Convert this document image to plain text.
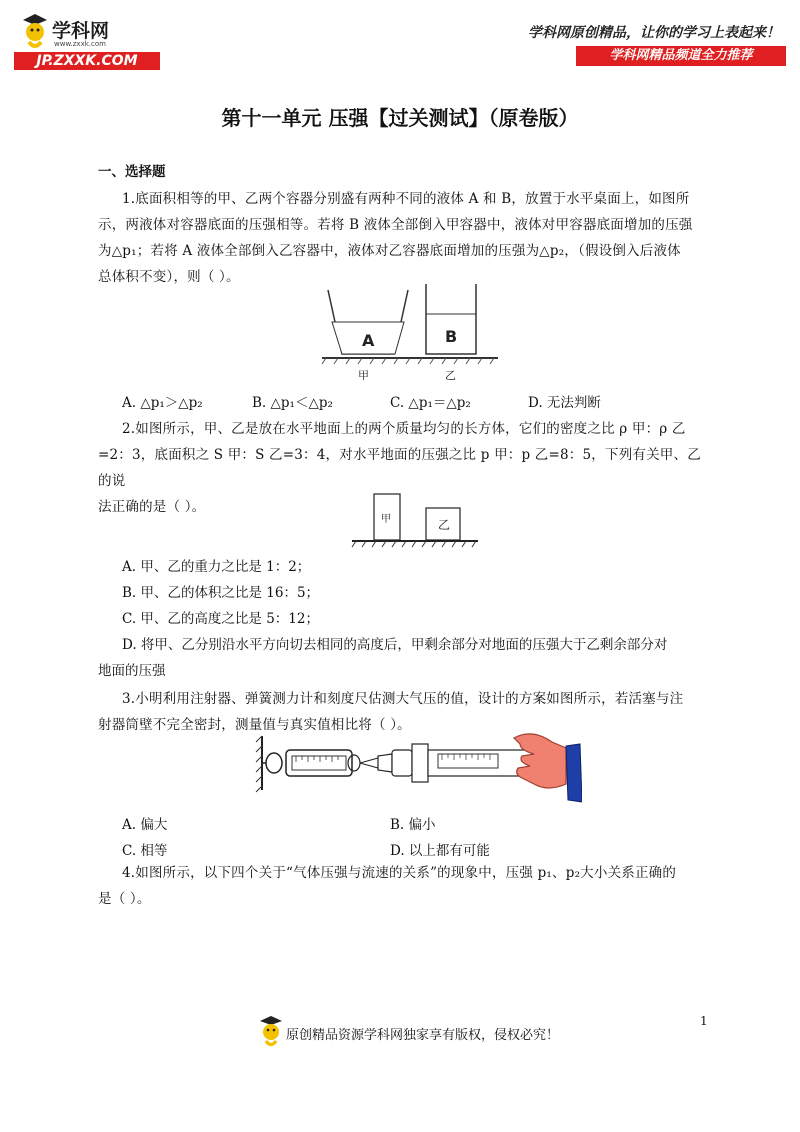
学科网
www.zxxk.com
JP.ZXXK.COM
学科网原创精品，让你的学习上表起来！
学科网精品频道全力推荐
第十一单元 压强【过关测试】（原卷版）
一、选择题
1.底面积相等的甲、乙两个容器分别盛有两种不同的液体 A 和 B，放置于水平桌面上，如图所
示，两液体对容器底面的压强相等。若将 B 液体全部倒入甲容器中，液体对甲容器底面增加的压强
为△p₁；若将 A 液体全部倒入乙容器中，液体对乙容器底面增加的压强为△p₂，（假设倒入后液体
总体积不变），则（ ）。
A	B
甲	乙
A. △p₁＞△p₂	B. △p₁＜△p₂	C. △p₁＝△p₂	D. 无法判断
2.如图所示，甲、乙是放在水平地面上的两个质量均匀的长方体，它们的密度之比 ρ 甲：ρ 乙
=2：3，底面积之 S 甲：S 乙=3：4，对水平地面的压强之比 p 甲：p 乙=8：5，下列有关甲、乙的说
法正确的是（ ）。
甲	乙
A. 甲、乙的重力之比是 1：2；
B. 甲、乙的体积之比是 16：5；
C. 甲、乙的高度之比是 5：12；
D. 将甲、乙分别沿水平方向切去相同的高度后，甲剩余部分对地面的压强大于乙剩余部分对
地面的压强
3.小明利用注射器、弹簧测力计和刻度尺估测大气压的值，设计的方案如图所示，若活塞与注
射器筒壁不完全密封，测量值与真实值相比将（ ）。
A. 偏大	B. 偏小
C. 相等	D. 以上都有可能
4.如图所示，以下四个关于“气体压强与流速的关系”的现象中，压强 p₁、p₂大小关系正确的
是（ ）。
1
原创精品资源学科网独家享有版权，侵权必究！
